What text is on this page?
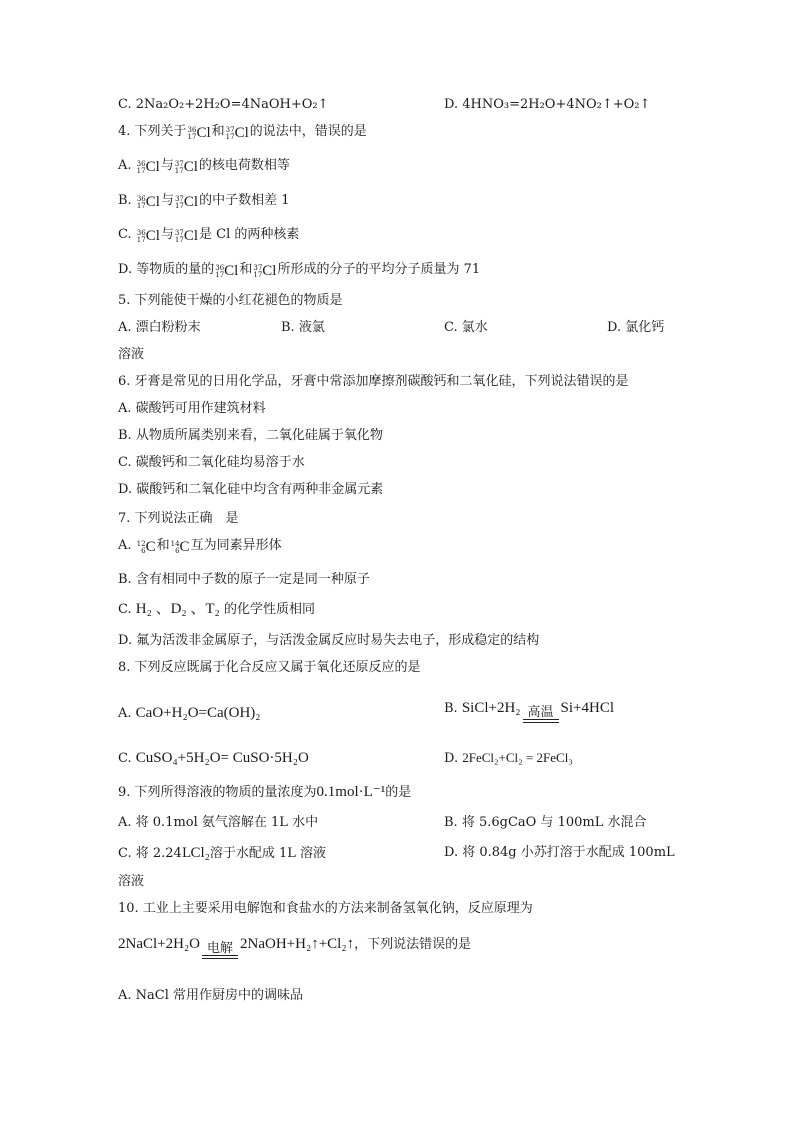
C. 2Na₂O₂+2H₂O=4NaOH+O₂↑	D. 4HNO₃=2H₂O+4NO₂↑+O₂↑
4. 下列关于 36
17 Cl和 37
17 Cl的说法中，错误的是
A. 36
17 Cl与 37
17 Cl的核电荷数相等
B. 36
17 Cl与 37
17 Cl的中子数相差 1
C. 36
17 Cl与 37
17 Cl是 Cl 的两种核素
D. 等物质的量的 36
17 Cl和 37
17 Cl所形成的分子的平均分子质量为 71
5. 下列能使干燥的小红花褪色的物质是
A. 漂白粉粉末	B. 液氯	C. 氯水	D. 氯化钙
溶液
6. 牙膏是常见的日用化学品，牙膏中常添加摩擦剂碳酸钙和二氧化硅，下列说法错误的是
A. 碳酸钙可用作建筑材料
B. 从物质所属类别来看，二氧化硅属于氧化物
C. 碳酸钙和二氧化硅均易溶于水
D. 碳酸钙和二氧化硅中均含有两种非金属元素
7. 下列说法正确　是
A. 12
6 C和 14
6 C互为同素异形体
B. 含有相同中子数的原子一定是同一种原子
C. H₂ 、D₂ 、T₂ 的化学性质相同
D. 氟为活泼非金属原子，与活泼金属反应时易失去电子，形成稳定的结构
8. 下列反应既属于化合反应又属于氧化还原反应的是
A. CaO+H₂O=Ca(OH)₂	B. SiCl+2H₂ 高温 Si+4HCl
C. CuSO₄+5H₂O= CuSO·5H₂O	D. 2FeCl₂+Cl₂ = 2FeCl₃
9. 下列所得溶液的物质的量浓度为0.1mol·L⁻¹的是
A. 将 0.1mol 氨气溶解在 1L 水中	B. 将 5.6gCaO 与 100mL 水混合
C. 将 2.24LCl₂溶于水配成 1L 溶液	D. 将 0.84g 小苏打溶于水配成 100mL
溶液
10. 工业上主要采用电解饱和食盐水的方法来制备氢氧化钠，反应原理为
2NaCl+2H₂O 电解 2NaOH+H₂↑+Cl₂↑，下列说法错误的是
A. NaCl 常用作厨房中的调味品
